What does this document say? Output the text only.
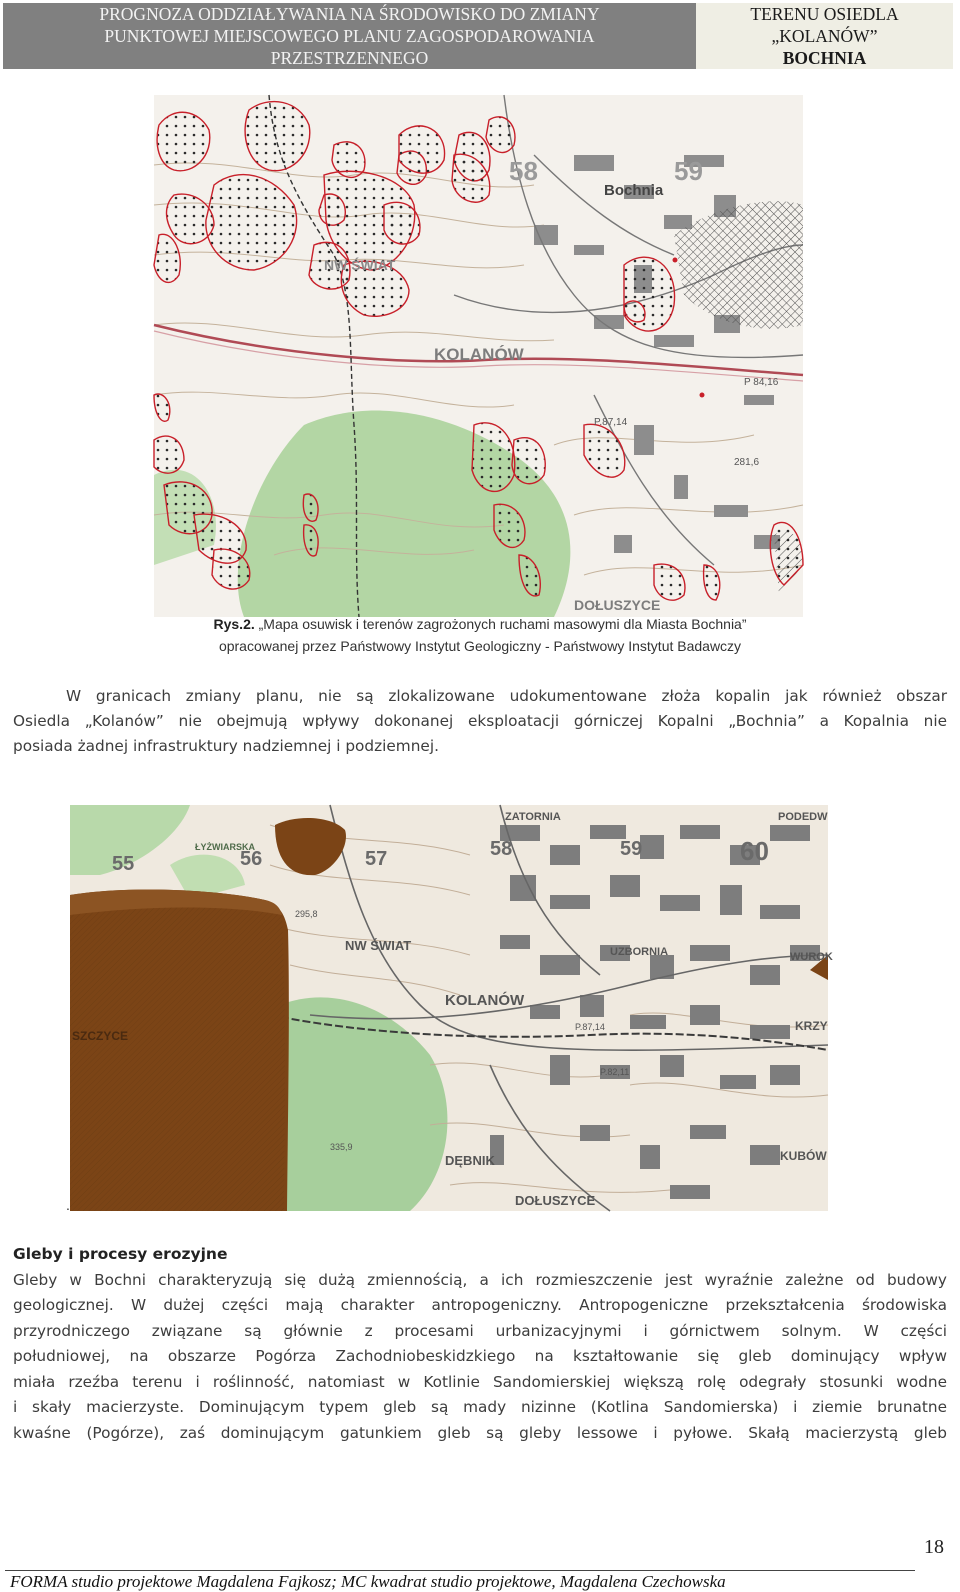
PROGNOZA ODDZIAŁYWANIA NA ŚRODOWISKO DO ZMIANY
PUNKTOWEJ MIEJSCOWEGO PLANU ZAGOSPODAROWANIA
PRZESTRZENNEGO
TERENU OSIEDLA
„KOLANÓW”
BOCHNIA
Bochnia
KOLANÓW
58	59
DOŁUSZYCE
NW ŚWIAT
P 84,16
281,6
P.87,14
Rys.2. „Mapa osuwisk i terenów zagrożonych ruchami masowymi dla Miasta Bochnia”
opracowanej przez Państwowy Instytut Geologiczny - Państwowy Instytut Badawczy
W granicach zmiany planu, nie są zlokalizowane udokumentowane złoża kopalin jak również obszar
Osiedla „Kolanów” nie obejmują wpływy dokonanej eksploatacji górniczej Kopalni „Bochnia” a Kopalnia nie
posiada żadnej infrastruktury nadziemnej i podziemnej.
55	56	57	58	59	60
ZATORNIA
NW ŚWIAT
KOLANÓW
DĘBNIK
DOŁUSZYCE
KUBÓW
KRZY
ŁYŻWIARSKA
PODEDW
UZBORNIA	WUROK
SZCZYCE
295,8
335,9
P.87,14
P.82,11
.
Gleby i procesy erozyjne
Gleby w Bochni charakteryzują się dużą zmiennością, a ich rozmieszczenie jest wyraźnie zależne od budowy
geologicznej. W dużej części mają charakter antropogeniczny. Antropogeniczne przekształcenia środowiska
przyrodniczego związane są głównie z procesami urbanizacyjnymi i górnictwem solnym. W części
południowej, na obszarze Pogórza Zachodniobeskidzkiego na kształtowanie się gleb dominujący wpływ
miała rzeźba terenu i roślinność, natomiast w Kotlinie Sandomierskiej większą rolę odegrały stosunki wodne
i skały macierzyste. Dominującym typem gleb są mady nizinne (Kotlina Sandomierska) i ziemie brunatne
kwaśne (Pogórze), zaś dominującym gatunkiem gleb są gleby lessowe i pyłowe. Skałą macierzystą gleb
18
FORMA studio projektowe Magdalena Fajkosz; MC kwadrat studio projektowe, Magdalena Czechowska
